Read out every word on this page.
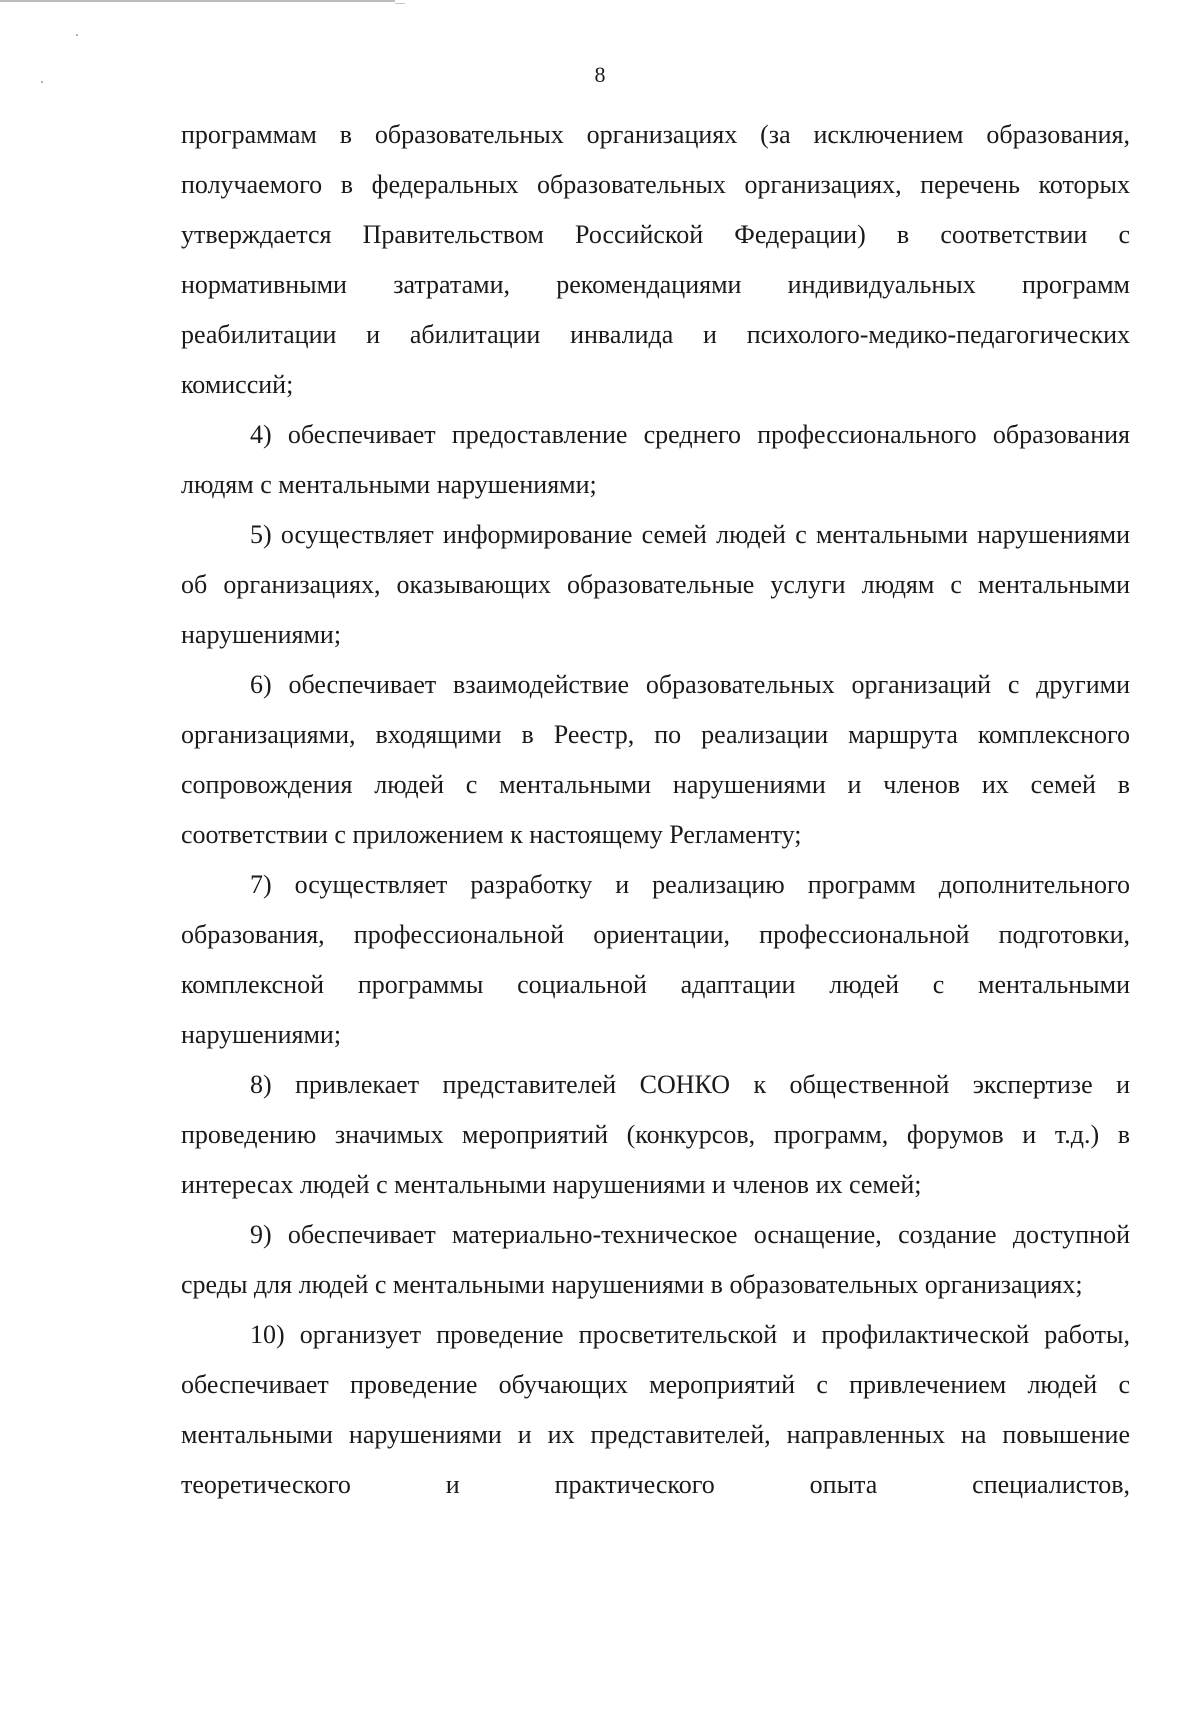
8

программам в образовательных организациях (за исключением образования, получаемого в федеральных образовательных организациях, перечень которых утверждается Правительством Российской Федерации) в соответствии с нормативными затратами, рекомендациями индивидуальных программ реабилитации и абилитации инвалида и психолого-медико-педагогических комиссий;

4) обеспечивает предоставление среднего профессионального образования людям с ментальными нарушениями;

5) осуществляет информирование семей людей с ментальными нарушениями об организациях, оказывающих образовательные услуги людям с ментальными нарушениями;

6) обеспечивает взаимодействие образовательных организаций с другими организациями, входящими в Реестр, по реализации маршрута комплексного сопровождения людей с ментальными нарушениями и членов их семей в соответствии с приложением к настоящему Регламенту;

7) осуществляет разработку и реализацию программ дополнительного образования, профессиональной ориентации, профессиональной подготовки, комплексной программы социальной адаптации людей с ментальными нарушениями;

8) привлекает представителей СОНКО к общественной экспертизе и проведению значимых мероприятий (конкурсов, программ, форумов и т.д.) в интересах людей с ментальными нарушениями и членов их семей;

9) обеспечивает материально-техническое оснащение, создание доступной среды для людей с ментальными нарушениями в образовательных организациях;

10) организует проведение просветительской и профилактической работы, обеспечивает проведение обучающих мероприятий с привлечением людей с ментальными нарушениями и их представителей, направленных на повышение теоретического и практического опыта специалистов,
